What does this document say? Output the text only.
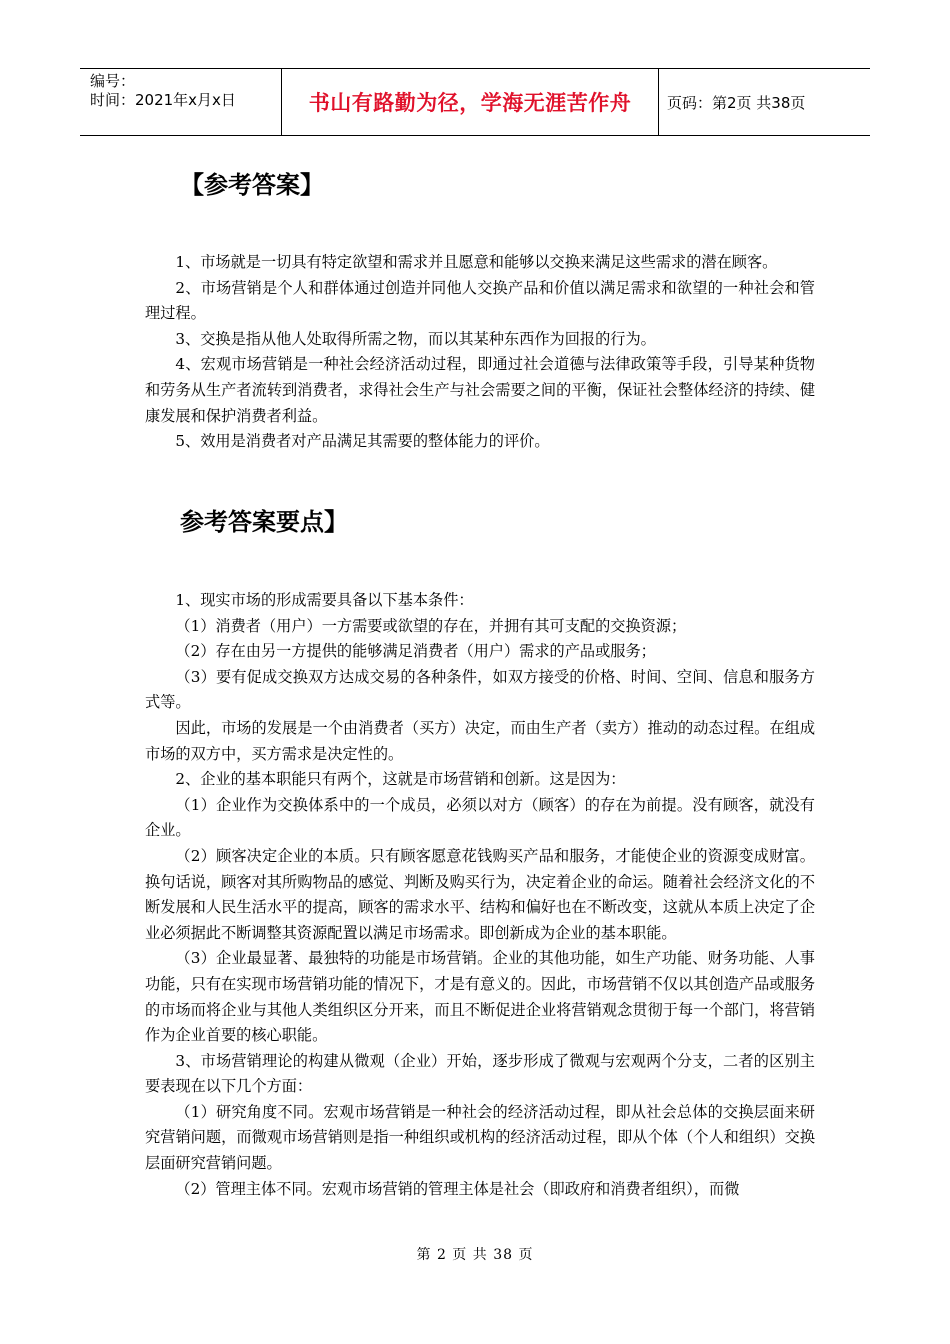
编号：
时间：2021年x月x日	书山有路勤为径，学海无涯苦作舟	页码：第2页 共38页
【参考答案】

1、市场就是一切具有特定欲望和需求并且愿意和能够以交换来满足这些需求的潜在顾客。

2、市场营销是个人和群体通过创造并同他人交换产品和价值以满足需求和欲望的一种社会和管理过程。

3、交换是指从他人处取得所需之物，而以其某种东西作为回报的行为。

4、宏观市场营销是一种社会经济活动过程，即通过社会道德与法律政策等手段，引导某种货物和劳务从生产者流转到消费者，求得社会生产与社会需要之间的平衡，保证社会整体经济的持续、健康发展和保护消费者利益。

5、效用是消费者对产品满足其需要的整体能力的评价。

参考答案要点】

1、现实市场的形成需要具备以下基本条件：

（1）消费者（用户）一方需要或欲望的存在，并拥有其可支配的交换资源；

（2）存在由另一方提供的能够满足消费者（用户）需求的产品或服务；

（3）要有促成交换双方达成交易的各种条件，如双方接受的价格、时间、空间、信息和服务方式等。

因此，市场的发展是一个由消费者（买方）决定，而由生产者（卖方）推动的动态过程。在组成市场的双方中，买方需求是决定性的。

2、企业的基本职能只有两个，这就是市场营销和创新。这是因为：

（1）企业作为交换体系中的一个成员，必须以对方（顾客）的存在为前提。没有顾客，就没有企业。

（2）顾客决定企业的本质。只有顾客愿意花钱购买产品和服务，才能使企业的资源变成财富。换句话说，顾客对其所购物品的感觉、判断及购买行为，决定着企业的命运。随着社会经济文化的不断发展和人民生活水平的提高，顾客的需求水平、结构和偏好也在不断改变，这就从本质上决定了企业必须据此不断调整其资源配置以满足市场需求。即创新成为企业的基本职能。

（3）企业最显著、最独特的功能是市场营销。企业的其他功能，如生产功能、财务功能、人事功能，只有在实现市场营销功能的情况下，才是有意义的。因此，市场营销不仅以其创造产品或服务的市场而将企业与其他人类组织区分开来，而且不断促进企业将营销观念贯彻于每一个部门，将营销作为企业首要的核心职能。

3、市场营销理论的构建从微观（企业）开始，逐步形成了微观与宏观两个分支，二者的区别主要表现在以下几个方面：

（1）研究角度不同。宏观市场营销是一种社会的经济活动过程，即从社会总体的交换层面来研究营销问题，而微观市场营销则是指一种组织或机构的经济活动过程，即从个体（个人和组织）交换层面研究营销问题。

（2）管理主体不同。宏观市场营销的管理主体是社会（即政府和消费者组织），而微

第 2 页 共 38 页
